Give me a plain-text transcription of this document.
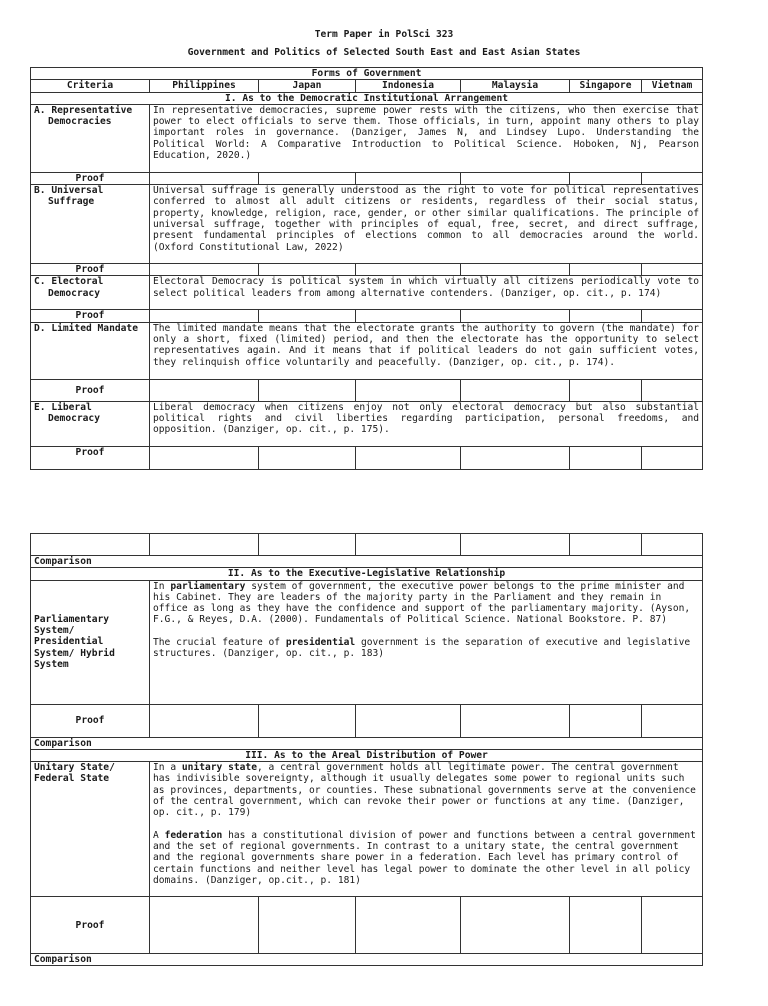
Term Paper in PolSci 323
Government and Politics of Selected South East and East Asian States
Forms of Government						
Criteria	Philippines	Japan	Indonesia	Malaysia	Singapore	Vietnam
I. As to the Democratic Institutional Arrangement						

A. Representative Democracies	In representative democracies, supreme power rests with the citizens, who then exercise that power to elect officials to serve them. Those officials, in turn, appoint many others to play important roles in governance. (Danziger, James N, and Lindsey Lupo. Understanding the Political World: A Comparative Introduction to Political Science. Hoboken, Nj, Pearson Education, 2020.)					
Proof						

B. Universal Suffrage	Universal suffrage is generally understood as the right to vote for political representatives conferred to almost all adult citizens or residents, regardless of their social status, property, knowledge, religion, race, gender, or other similar qualifications. The principle of universal suffrage, together with principles of equal, free, secret, and direct suffrage, present fundamental principles of elections common to all democracies around the world. (Oxford Constitutional Law, 2022)					
Proof						

C. Electoral Democracy	Electoral Democracy is political system in which virtually all citizens periodically vote to select political leaders from among alternative contenders. (Danziger, op. cit., p. 174)					
Proof						

D. Limited Mandate	The limited mandate means that the electorate grants the authority to govern (the mandate) for only a short, fixed (limited) period, and then the electorate has the opportunity to select representatives again. And it means that if political leaders do not gain sufficient votes, they relinquish office voluntarily and peacefully. (Danziger, op. cit., p. 174).					
Proof						

E. Liberal Democracy	Liberal democracy when citizens enjoy not only electoral democracy but also substantial political rights and civil liberties regarding participation, personal freedoms, and opposition. (Danziger, op. cit., p. 175).					
Proof						

Comparison						
II. As to the Executive-Legislative Relationship						
Parliamentary System/ Presidential System/ Hybrid System	In parliamentary system of government, the executive power belongs to the prime minister and his Cabinet. They are leaders of the majority party in the Parliament and they remain in office as long as they have the confidence and support of the parliamentary majority. (Ayson, F.G., & Reyes, D.A. (2000). Fundamentals of Political Science. National Bookstore. P. 87)

The crucial feature of presidential government is the separation of executive and legislative structures. (Danziger, op. cit., p. 183)					

Proof						
Comparison						
III. As to the Areal Distribution of Power						
Unitary State/ Federal State	In a unitary state, a central government holds all legitimate power. The central government has indivisible sovereignty, although it usually delegates some power to regional units such as provinces, departments, or counties. These subnational governments serve at the convenience of the central government, which can revoke their power or functions at any time. (Danziger, op. cit., p. 179)

A federation has a constitutional division of power and functions between a central government and the set of regional governments. In contrast to a unitary state, the central government and the regional governments share power in a federation. Each level has primary control of certain functions and neither level has legal power to dominate the other level in all policy domains. (Danziger, op.cit., p. 181)					

Proof						
Comparison						
